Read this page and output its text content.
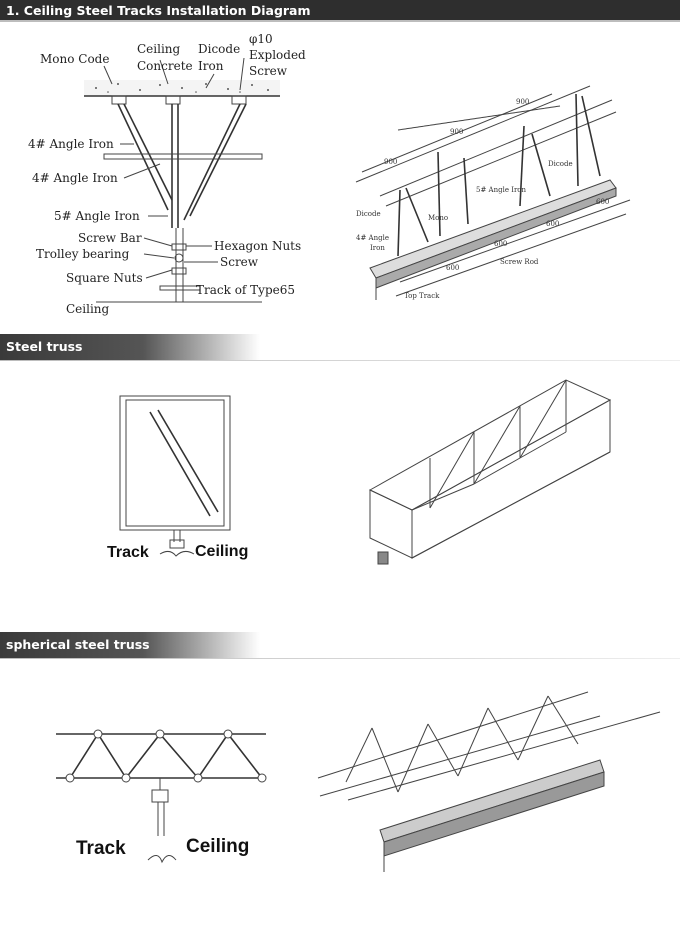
1. Ceiling Steel Tracks Installation Diagram
Steel truss
spherical steel truss
Mono Code
Ceiling
Concrete
Dicode
Iron
φ10
Exploded
Screw
4# Angle Iron
4# Angle Iron
5# Angle Iron
Screw Bar
Trolley bearing
Hexagon Nuts
Screw
Square Nuts
Track of Type65
Ceiling
900
900
900	Dicode
Dicode	Mono
5# Angle Iron
4# Angle
Iron
600
600
600
600
Screw Rod
Top Track
Track	Ceiling
Track	Ceiling
